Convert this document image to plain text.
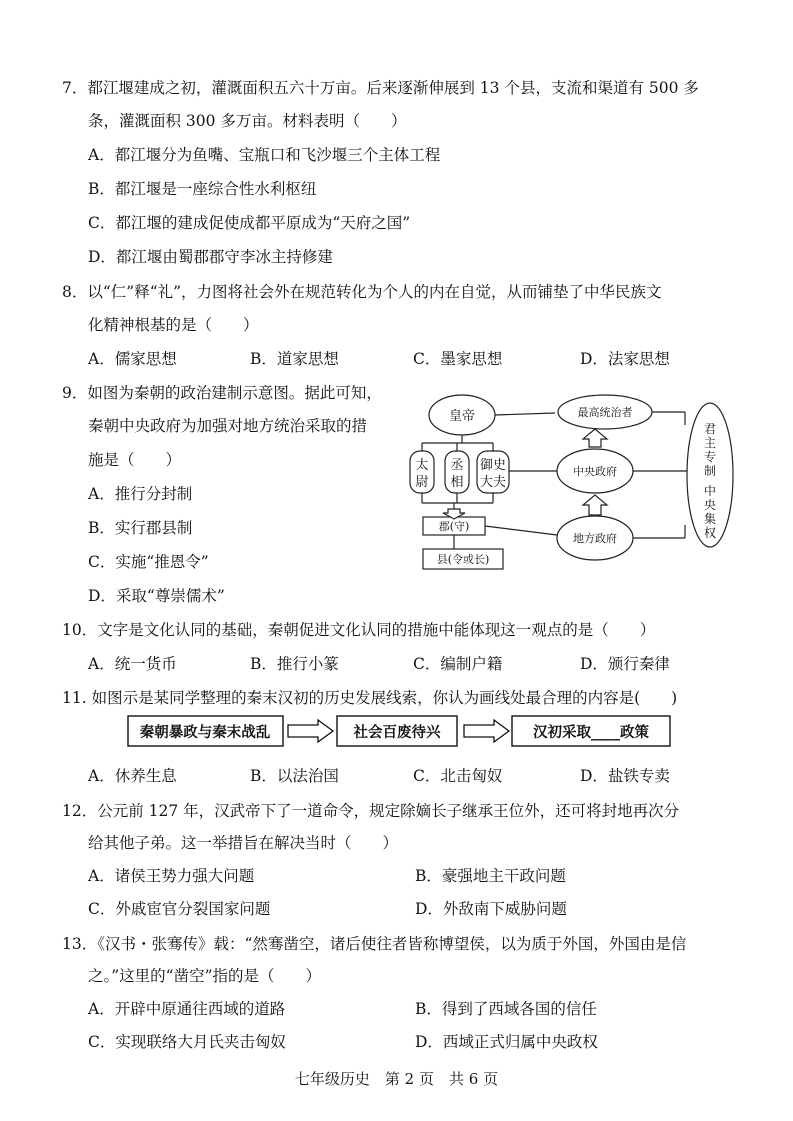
7．都江堰建成之初，灌溉面积五六十万亩。后来逐渐伸展到 13 个县，支流和渠道有 500 多
条，灌溉面积 300 多万亩。材料表明（　　）
A．都江堰分为鱼嘴、宝瓶口和飞沙堰三个主体工程
B．都江堰是一座综合性水利枢纽
C．都江堰的建成促使成都平原成为“天府之国”
D．都江堰由蜀郡郡守李冰主持修建
8．以“仁”释“礼”，力图将社会外在规范转化为个人的内在自觉，从而铺垫了中华民族文
化精神根基的是（　　）
A．儒家思想	B．道家思想	C．墨家思想	D．法家思想
9．如图为秦朝的政治建制示意图。据此可知，
秦朝中央政府为加强对地方统治采取的措
施是（　　）
A．推行分封制
B．实行郡县制
C．实施“推恩令”
D．采取“尊崇儒术”
皇帝	最高统治者
中央政府
地方政府
太
尉
丞
相
御史
大夫
郡(守)
县(令或长)
君
主
专
制
中
央
集
权
10．文字是文化认同的基础，秦朝促进文化认同的措施中能体现这一观点的是（　　）
A．统一货币	B．推行小篆	C．编制户籍	D．颁行秦律
11. 如图示是某同学整理的秦末汉初的历史发展线索，你认为画线处最合理的内容是(　　)
秦朝暴政与秦末战乱	社会百废待兴	汉初采取____政策
A．休养生息	B．以法治国	C．北击匈奴	D．盐铁专卖
12．公元前 127 年，汉武帝下了一道命令，规定除嫡长子继承王位外，还可将封地再次分
给其他子弟。这一举措旨在解决当时（　　）
A．诸侯王势力强大问题	B．豪强地主干政问题
C．外戚宦官分裂国家问题	D．外敌南下威胁问题
13．《汉书・张骞传》载：“然骞凿空，诸后使往者皆称博望侯，以为质于外国，外国由是信
之。”这里的“凿空”指的是（　　）
A．开辟中原通往西域的道路	B．得到了西域各国的信任
C．实现联络大月氏夹击匈奴	D．西域正式归属中央政权
七年级历史　第 2 页　共 6 页
